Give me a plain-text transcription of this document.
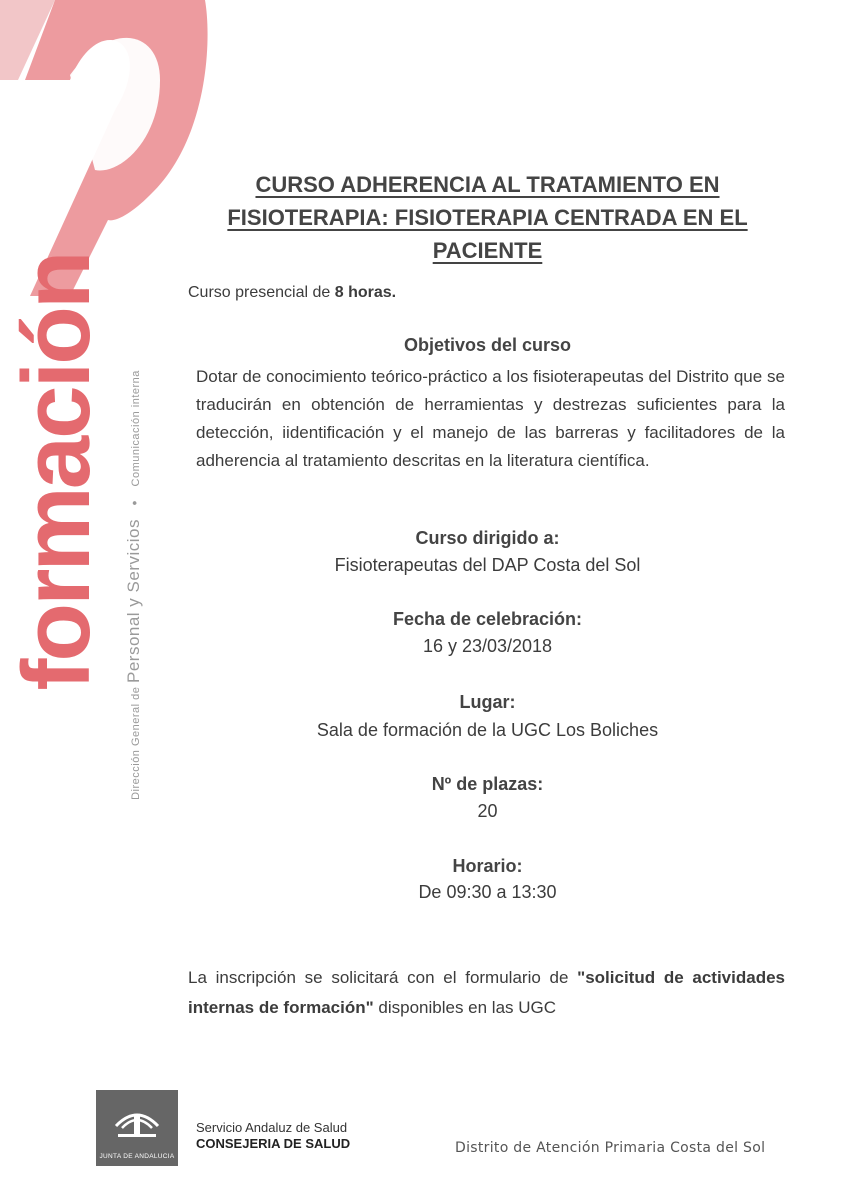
formación
Dirección General de Personal y Servicios • Comunicación interna
CURSO ADHERENCIA AL TRATAMIENTO EN FISIOTERAPIA: FISIOTERAPIA CENTRADA EN EL PACIENTE
Curso presencial de 8 horas.
Objetivos del curso
Dotar de conocimiento teórico-práctico a los fisioterapeutas del Distrito que se traducirán en obtención de herramientas y destrezas suficientes para la detección, iidentificación y el manejo de las barreras y facilitadores de la adherencia al tratamiento descritas en la literatura científica.
Curso dirigido a:
Fisioterapeutas del DAP Costa del Sol
Fecha de celebración:
16 y 23/03/2018
Lugar:
Sala de formación de la UGC Los Boliches
Nº de plazas:
20
Horario:
De 09:30 a 13:30
La inscripción se solicitará con el formulario de "solicitud de actividades internas de formación" disponibles en las UGC
JUNTA DE ANDALUCIA
Servicio Andaluz de Salud
CONSEJERIA DE SALUD	Distrito de Atención Primaria Costa del Sol
